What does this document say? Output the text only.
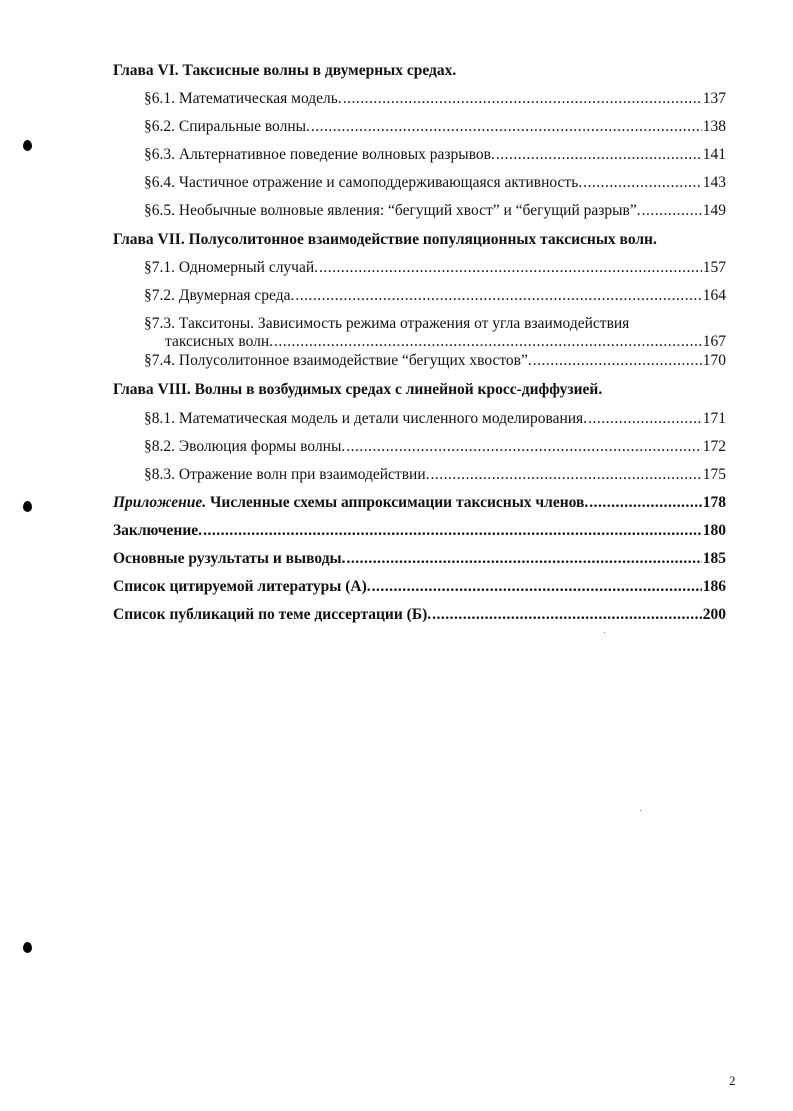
Глава VI. Таксисные волны в двумерных средах.
§6.1. Математическая модель. .....	137
§6.2. Спиральные волны. .....	138
§6.3. Альтернативное поведение волновых разрывов. .....	141
§6.4. Частичное отражение и самоподдерживающаяся активность. .....	143
§6.5. Необычные волновые явления: “бегущий хвост” и “бегущий разрыв”. .....	149
Глава VII. Полусолитонное взаимодействие популяционных таксисных волн.
§7.1. Одномерный случай. .....	157
§7.2. Двумерная среда. .....	164
§7.3. Такситоны. Зависимость режима отражения от угла взаимодействия
таксисных волн. .....	167
§7.4. Полусолитонное взаимодействие “бегущих хвостов”. .....	170
Глава VIII. Волны в возбудимых средах с линейной кросс-диффузией.
§8.1. Математическая модель и детали численного моделирования. .....	171
§8.2. Эволюция формы волны. .....	172
§8.3. Отражение волн при взаимодействии. .....	175
Приложение. Численные схемы аппроксимации таксисных членов. .....	178
Заключение. .....	180
Основные рузультаты и выводы. .....	185
Список цитируемой литературы (А). .....	186
Список публикаций по теме диссертации (Б). .....	200
2
